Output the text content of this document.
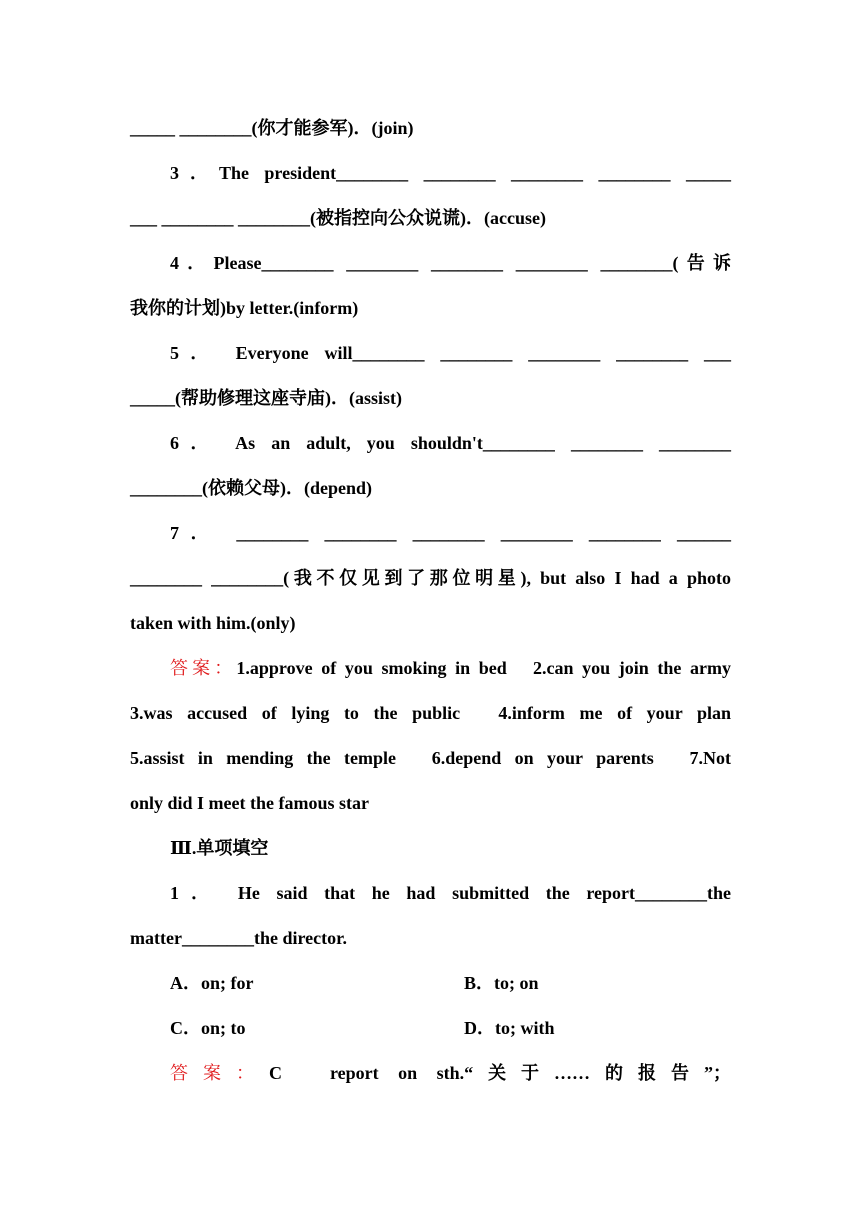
_____ ________(你才能参军)．(join)
3．The president________ ________ ________ ________ _____
___ ________ ________(被指控向公众说谎)．(accuse)
4．Please________ ________ ________ ________ ________(告诉
我你的计划)by letter.(inform)
5． Everyone will________ ________ ________ ________ ___
_____(帮助修理这座寺庙)．(assist)
6． As an adult, you shouldn't________ ________ ________
________(依赖父母)．(depend)
7． ________ ________ ________ ________ ________ ______
________ ________(我不仅见到了那位明星), but also I had a photo
taken with him.(only)
答案：1.approve of you smoking in bed　2.can you join the army
3.was accused of lying to the public　4.inform me of your plan
5.assist in mending the temple　6.depend on your parents　7.Not
only did I meet the famous star
Ⅲ.单项填空
1． He said that he had submitted the report________the
matter________the director.
A．on; for	B．to; on
C．on; to	D．to; with
答案：C　report on sth.“关于……的报告”；
